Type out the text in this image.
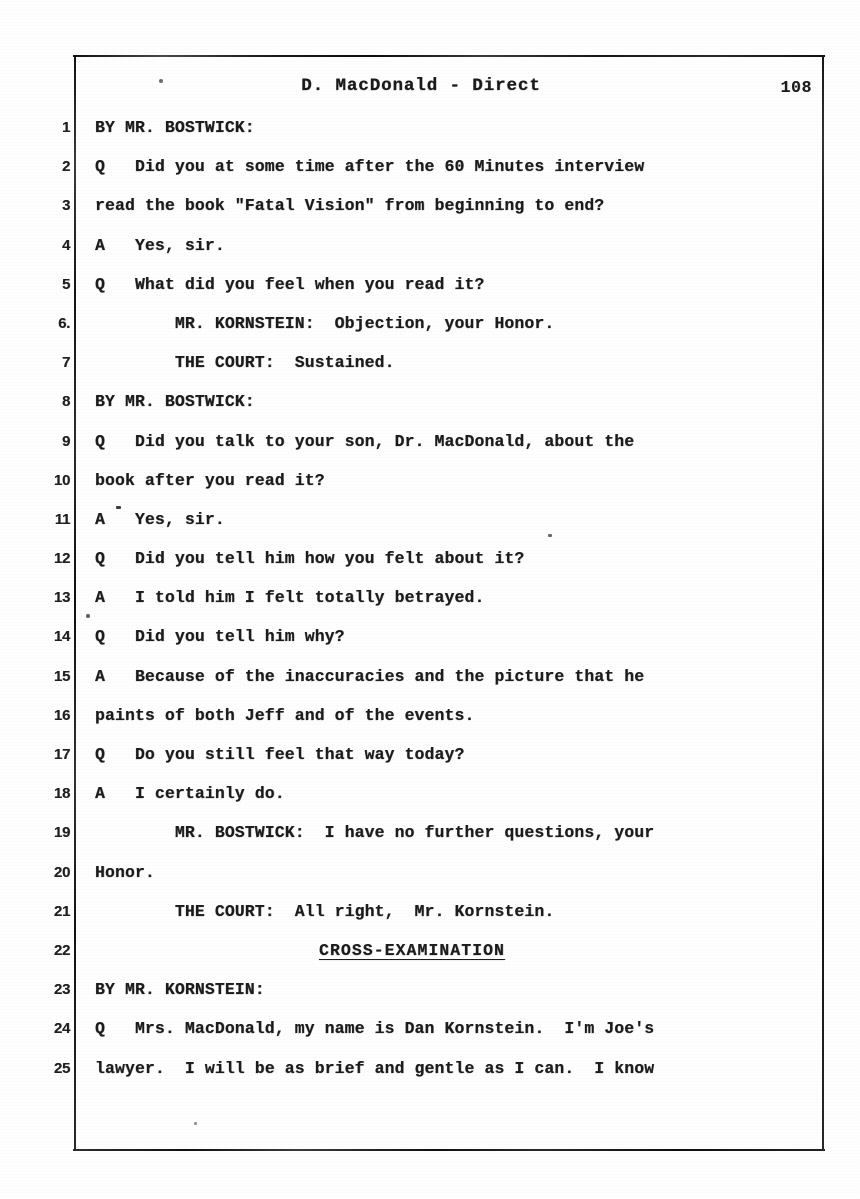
D. MacDonald - Direct	108
1
2
3
4
5
6.
7
8
9
10
11
12
13
14
15
16
17
18
19
20
21
22
23
24
25
BY MR. BOSTWICK:
Q   Did you at some time after the 60 Minutes interview
read the book "Fatal Vision" from beginning to end?
A   Yes, sir.
Q   What did you feel when you read it?
MR. KORNSTEIN:  Objection, your Honor.
THE COURT:  Sustained.
BY MR. BOSTWICK:
Q   Did you talk to your son, Dr. MacDonald, about the
book after you read it?
A   Yes, sir.
Q   Did you tell him how you felt about it?
A   I told him I felt totally betrayed.
Q   Did you tell him why?
A   Because of the inaccuracies and the picture that he
paints of both Jeff and of the events.
Q   Do you still feel that way today?
A   I certainly do.
MR. BOSTWICK:  I have no further questions, your
Honor.
THE COURT:  All right,  Mr. Kornstein.
CROSS-EXAMINATION
BY MR. KORNSTEIN:
Q   Mrs. MacDonald, my name is Dan Kornstein.  I'm Joe's
lawyer.  I will be as brief and gentle as I can.  I know
